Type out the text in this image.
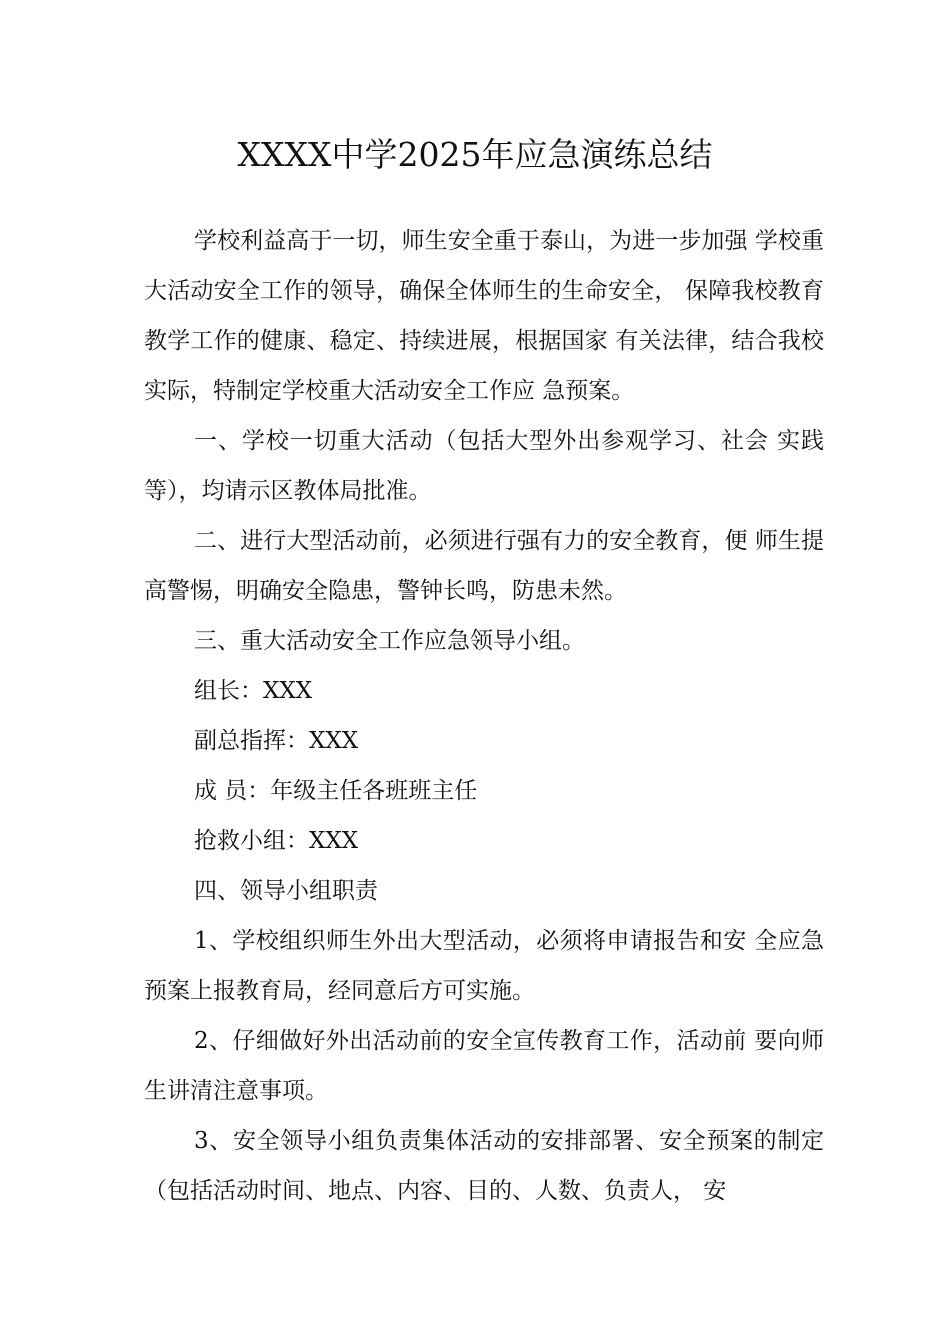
XXXX中学2025年应急演练总结

学校利益高于一切，师生安全重于泰山，为进一步加强 学校重大活动安全工作的领导，确保全体师生的生命安全， 保障我校教育教学工作的健康、稳定、持续进展，根据国家 有关法律，结合我校实际，特制定学校重大活动安全工作应 急预案。

一、学校一切重大活动（包括大型外出参观学习、社会 实践等），均请示区教体局批准。

二、进行大型活动前，必须进行强有力的安全教育，便 师生提高警惕，明确安全隐患，警钟长鸣，防患未然。

三、重大活动安全工作应急领导小组。

组长：XXX

副总指挥：XXX

成 员：年级主任各班班主任

抢救小组：XXX

四、领导小组职责

1、学校组织师生外出大型活动，必须将申请报告和安 全应急预案上报教育局，经同意后方可实施。

2、仔细做好外出活动前的安全宣传教育工作，活动前 要向师生讲清注意事项。

3、安全领导小组负责集体活动的安排部署、安全预案的制定（包括活动时间、地点、内容、目的、人数、负责人， 安
